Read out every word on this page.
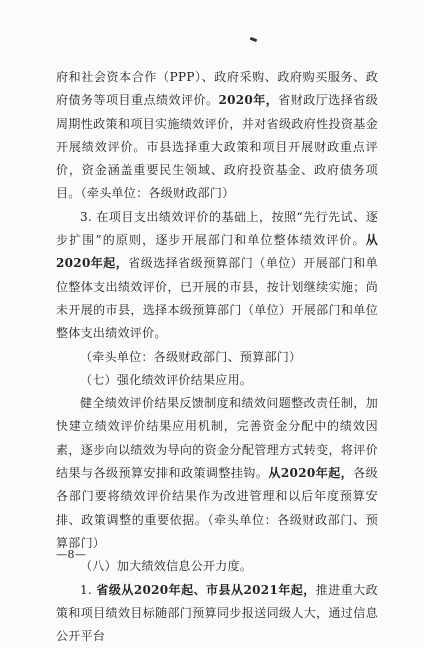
府和社会资本合作（PPP）、政府采购、政府购买服务、政府债务等项目重点绩效评价。2020年，省财政厅选择省级周期性政策和项目实施绩效评价，并对省级政府性投资基金开展绩效评价。市县选择重大政策和项目开展财政重点评价，资金涵盖重要民生领域、政府投资基金、政府债务项目。（牵头单位：各级财政部门）

3. 在项目支出绩效评价的基础上，按照“先行先试、逐步扩围”的原则，逐步开展部门和单位整体绩效评价。从2020年起，省级选择省级预算部门（单位）开展部门和单位整体支出绩效评价，已开展的市县，按计划继续实施；尚未开展的市县，选择本级预算部门（单位）开展部门和单位整体支出绩效评价。

（牵头单位：各级财政部门、预算部门）

（七）强化绩效评价结果应用。

健全绩效评价结果反馈制度和绩效问题整改责任制，加快建立绩效评价结果应用机制，完善资金分配中的绩效因素，逐步向以绩效为导向的资金分配管理方式转变，将评价结果与各级预算安排和政策调整挂钩。从2020年起，各级各部门要将绩效评价结果作为改进管理和以后年度预算安排、政策调整的重要依据。（牵头单位：各级财政部门、预算部门）

（八）加大绩效信息公开力度。

1. 省级从2020年起、市县从2021年起，推进重大政策和项目绩效目标随部门预算同步报送同级人大，通过信息公开平台

—8—
